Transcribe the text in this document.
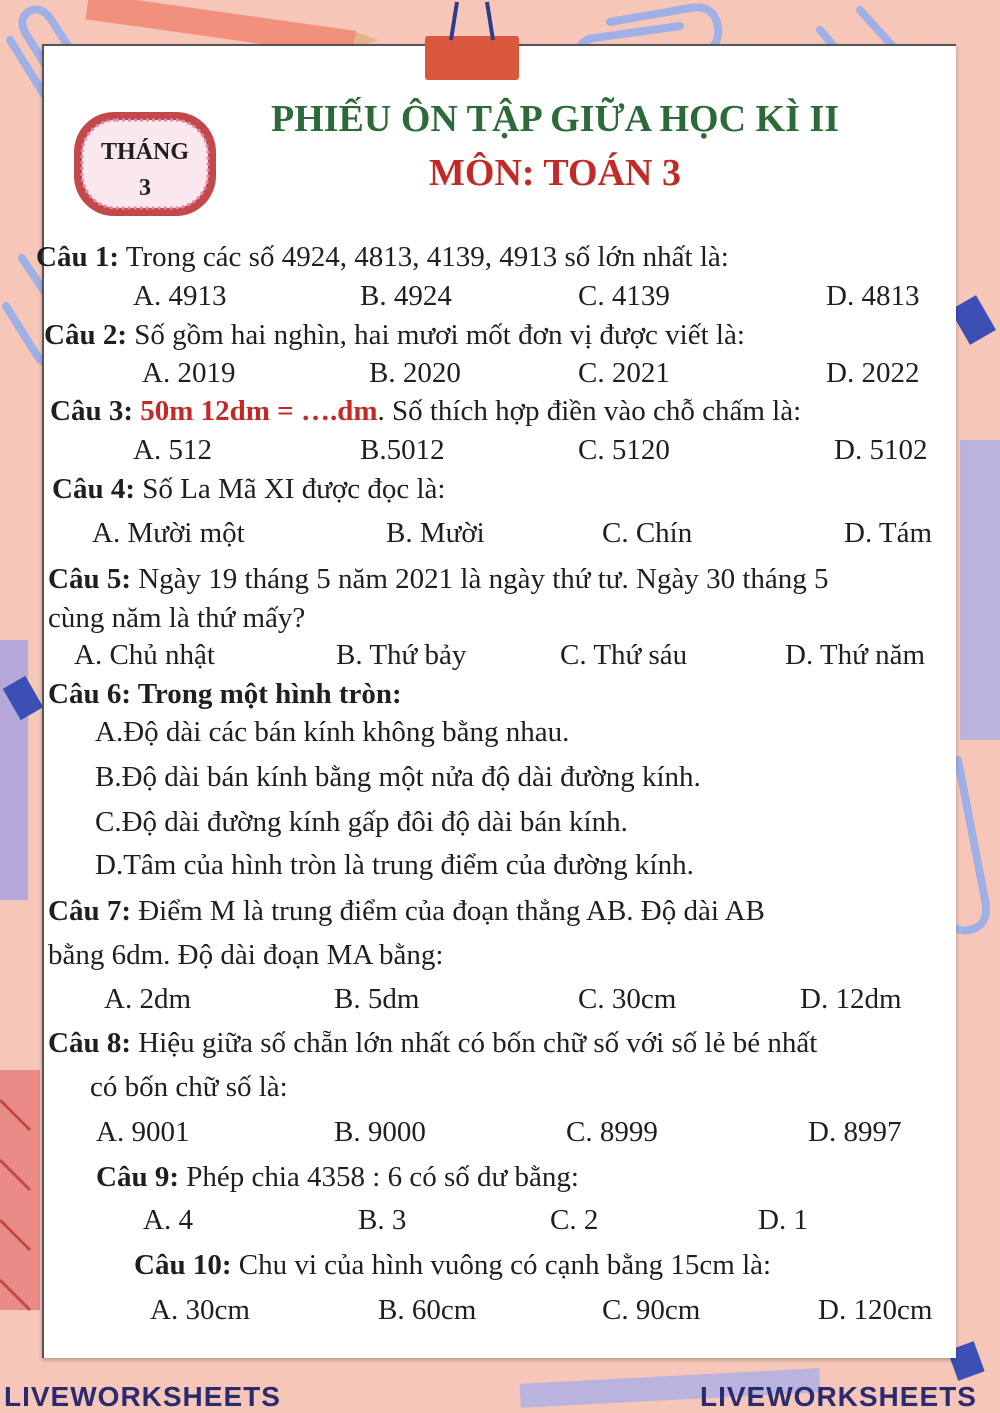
THÁNG
3
PHIẾU ÔN TẬP GIỮA HỌC KÌ II
MÔN: TOÁN 3
Câu 1: Trong các số 4924, 4813, 4139, 4913 số lớn nhất là:
A. 4913	B. 4924	C. 4139	D. 4813
Câu 2: Số gồm hai nghìn, hai mươi mốt đơn vị được viết là:
A. 2019	B. 2020	C. 2021	D. 2022
Câu 3: 50m 12dm = ….dm. Số thích hợp điền vào chỗ chấm là:
A. 512	B.5012	C. 5120	D. 5102
Câu 4: Số La Mã XI được đọc là:
A. Mười một	B. Mười	C. Chín	D. Tám
Câu 5: Ngày 19 tháng 5 năm 2021 là ngày thứ tư. Ngày 30 tháng 5
cùng năm là thứ mấy?
A. Chủ nhật	B. Thứ bảy	C. Thứ sáu	D. Thứ năm
Câu 6: Trong một hình tròn:
A.Độ dài các bán kính không bằng nhau.
B.Độ dài bán kính bằng một nửa độ dài đường kính.
C.Độ dài đường kính gấp đôi độ dài bán kính.
D.Tâm của hình tròn là trung điểm của đường kính.
Câu 7: Điểm M là trung điểm của đoạn thẳng AB. Độ dài AB
bằng 6dm. Độ dài đoạn MA bằng:
A. 2dm	B. 5dm	C. 30cm	D. 12dm
Câu 8: Hiệu giữa số chẵn lớn nhất có bốn chữ số với số lẻ bé nhất
có bốn chữ số là:
A. 9001	B. 9000	C. 8999	D. 8997
Câu 9: Phép chia 4358 : 6 có số dư bằng:
A. 4	B. 3	C. 2	D. 1
Câu 10: Chu vi của hình vuông có cạnh bằng 15cm là:
A. 30cm	B. 60cm	C. 90cm	D. 120cm
LIVEWORKSHEETS	LIVEWORKSHEETS
